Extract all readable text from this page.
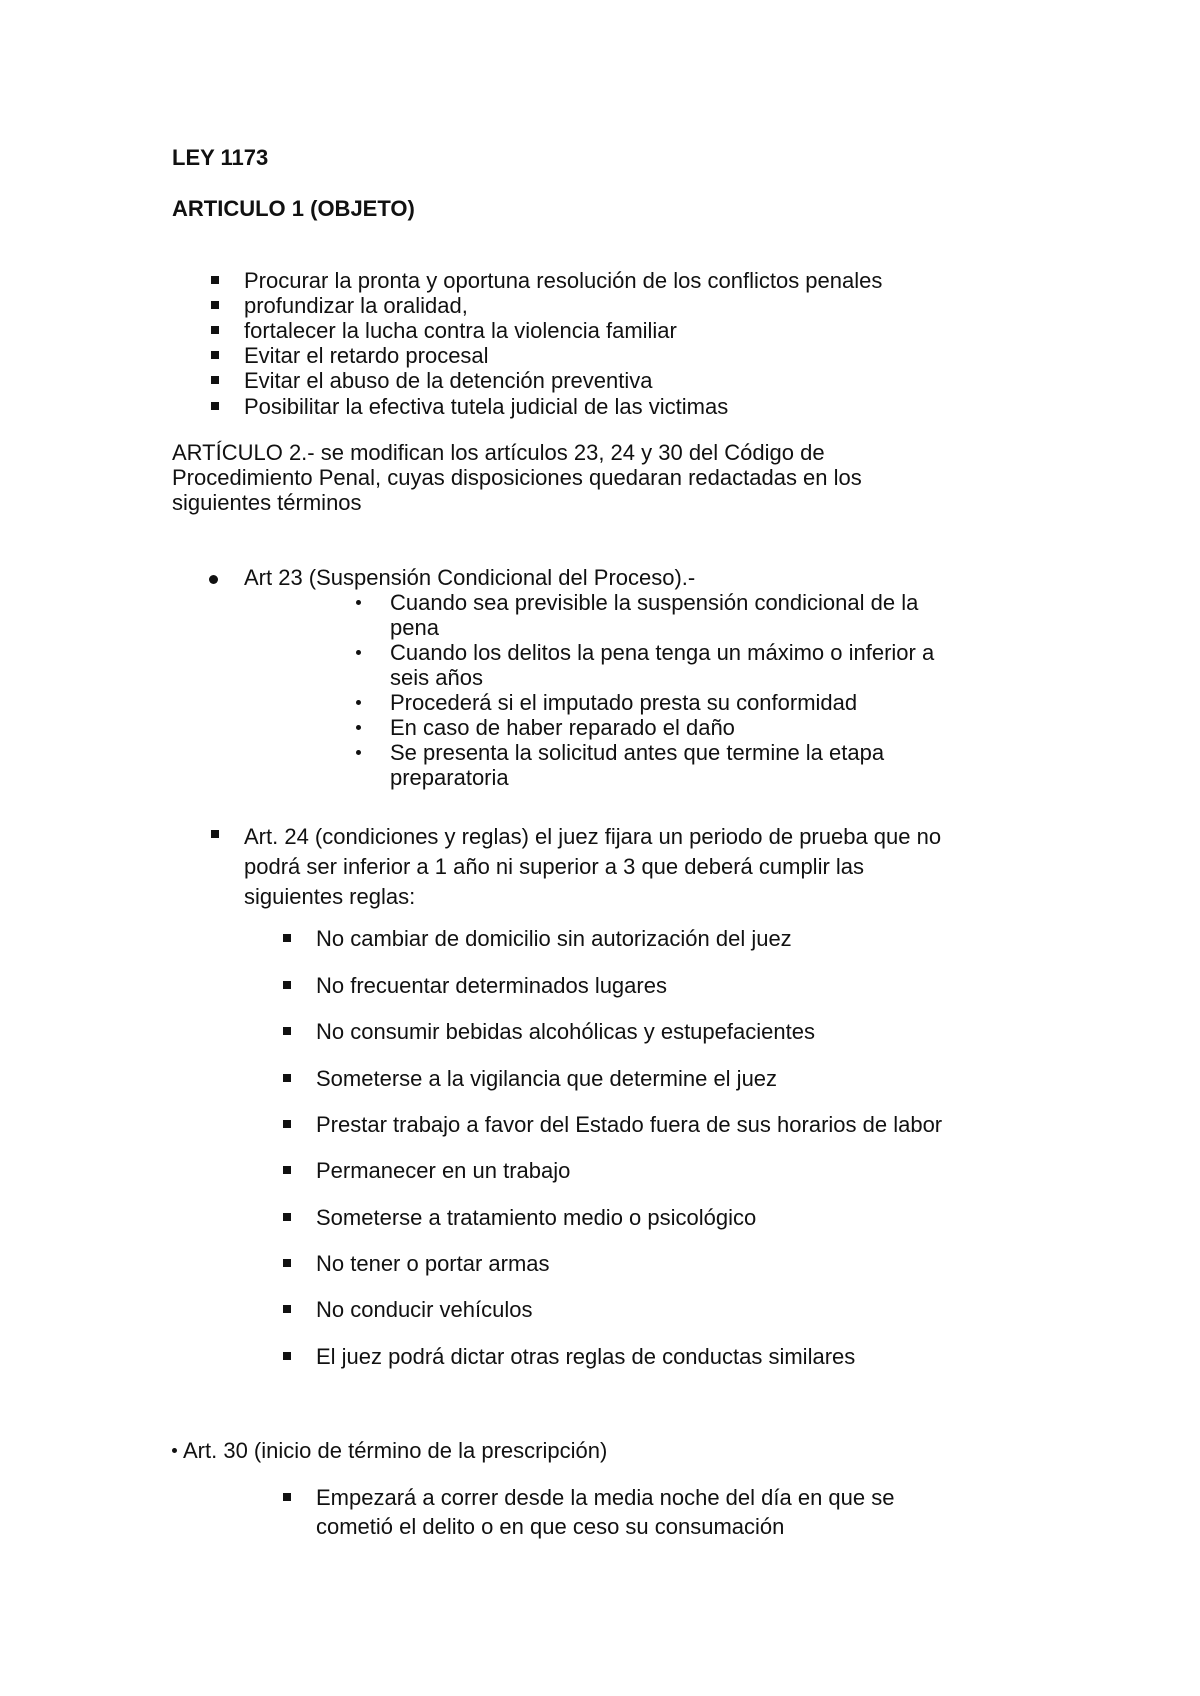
LEY 1173
ARTICULO 1 (OBJETO)
Procurar la pronta y oportuna resolución de los conflictos penales
profundizar la oralidad,
fortalecer la lucha contra la violencia familiar
Evitar el retardo procesal
Evitar el abuso de la detención preventiva
Posibilitar la efectiva tutela judicial de las victimas
ARTÍCULO 2.- se modifican los artículos 23, 24 y 30 del Código de
Procedimiento Penal, cuyas disposiciones quedaran redactadas en los
siguientes términos
Art 23 (Suspensión Condicional del Proceso).-
Cuando sea previsible la suspensión condicional de la
pena
Cuando los delitos la pena tenga un máximo o inferior a
seis años
Procederá si el imputado presta su conformidad
En caso de haber reparado el daño
Se presenta la solicitud antes que termine la etapa
preparatoria
Art. 24 (condiciones y reglas) el juez fijara un periodo de prueba que no
podrá ser inferior a 1 año ni superior a 3 que deberá cumplir las
siguientes reglas:
No cambiar de domicilio sin autorización del juez
No frecuentar determinados lugares
No consumir bebidas alcohólicas y estupefacientes
Someterse a la vigilancia que determine el juez
Prestar trabajo a favor del Estado fuera de sus horarios de labor
Permanecer en un trabajo
Someterse a tratamiento medio o psicológico
No tener o portar armas
No conducir vehículos
El juez podrá dictar otras reglas de conductas similares
Art. 30 (inicio de término de la prescripción)
Empezará a correr desde la media noche del día en que se
cometió el delito o en que ceso su consumación
